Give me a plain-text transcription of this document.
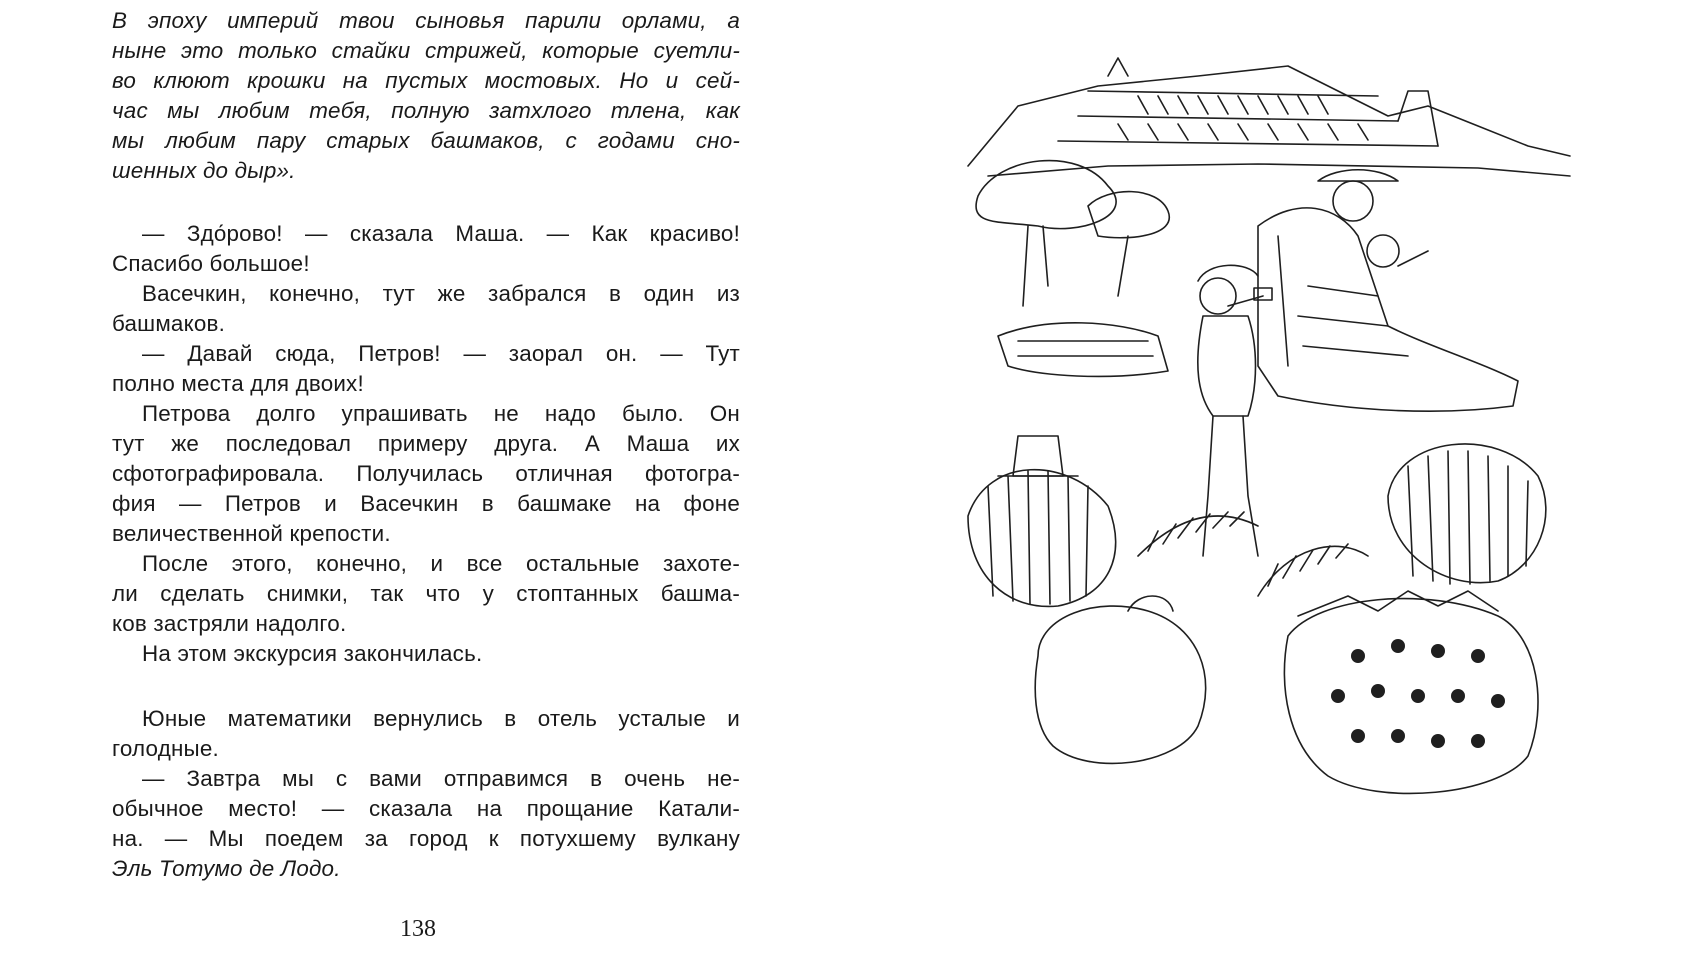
В эпоху империй твои сыновья парили орлами, а
ныне это только стайки стрижей, которые суетли-
во клюют крошки на пустых мостовых. Но и сей-
час мы любим тебя, полную затхлого тлена, как
мы любим пару старых башмаков, с годами сно-
шенных до дыр».
— Здо́рово! — сказала Маша. — Как красиво!
Спасибо большое!
Васечкин, конечно, тут же забрался в один из
башмаков.
— Давай сюда, Петров! — заорал он. — Тут
полно места для двоих!
Петрова долго упрашивать не надо было. Он
тут же последовал примеру друга. А Маша их
сфотографировала. Получилась отличная фотогра-
фия — Петров и Васечкин в башмаке на фоне
величественной крепости.
После этого, конечно, и все остальные захоте-
ли сделать снимки, так что у стоптанных башма-
ков застряли надолго.
На этом экскурсия закончилась.
Юные математики вернулись в отель усталые и
голодные.
— Завтра мы с вами отправимся в очень не-
обычное место! — сказала на прощание Катали-
на. — Мы поедем за город к потухшему вулкану
Эль Тотумо де Лодо.
138
